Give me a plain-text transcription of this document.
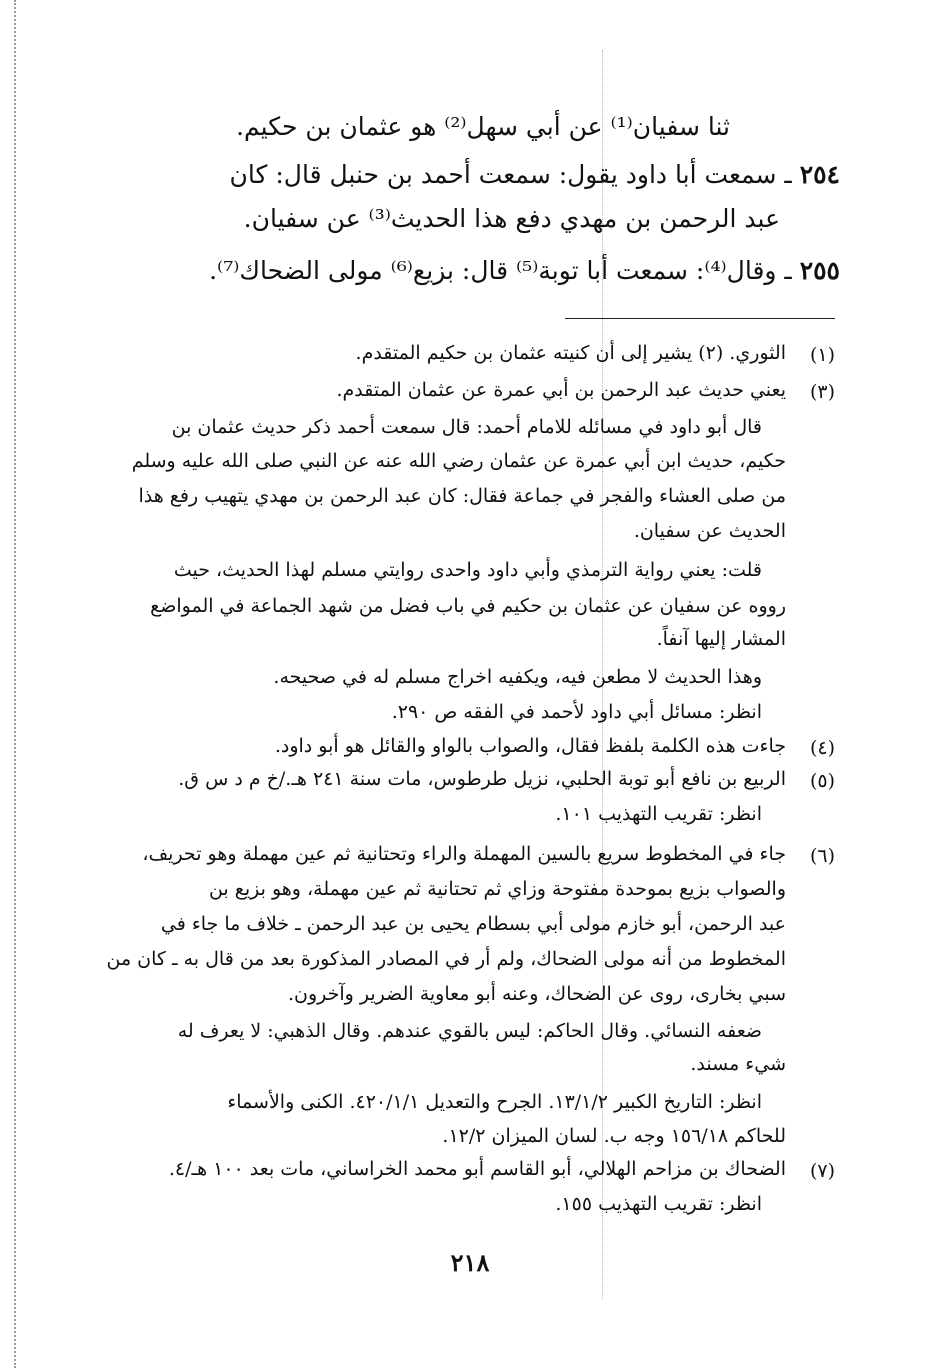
ثنا سفيان⁽¹⁾ عن أبي سهل⁽²⁾ هو عثمان بن حكيم.
٢٥٤ ـ سمعت أبا داود يقول: سمعت أحمد بن حنبل قال: كان
عبد الرحمن بن مهدي دفع هذا الحديث⁽³⁾ عن سفيان.
٢٥٥ ـ وقال⁽⁴⁾: سمعت أبا توبة⁽⁵⁾ قال: بزيع⁽⁶⁾ مولى الضحاك⁽⁷⁾.
(١)
الثوري. (٢) يشير إلى أن كنيته عثمان بن حكيم المتقدم.
(٣)
يعني حديث عبد الرحمن بن أبي عمرة عن عثمان المتقدم.
قال أبو داود في مسائله للامام أحمد: قال سمعت أحمد ذكر حديث عثمان بن
حكيم، حديث ابن أبي عمرة عن عثمان رضي الله عنه عن النبي صلى الله عليه وسلم
من صلى العشاء والفجر في جماعة فقال: كان عبد الرحمن بن مهدي يتهيب رفع هذا
الحديث عن سفيان.
قلت: يعني رواية الترمذي وأبي داود واحدى روايتي مسلم لهذا الحديث، حيث
رووه عن سفيان عن عثمان بن حكيم في باب فضل من شهد الجماعة في المواضع
المشار إليها آنفاً.
وهذا الحديث لا مطعن فيه، ويكفيه اخراج مسلم له في صحيحه.
انظر: مسائل أبي داود لأحمد في الفقه ص ٢٩٠.
(٤)
جاءت هذه الكلمة بلفظ فقال، والصواب بالواو والقائل هو أبو داود.
(٥)
الربيع بن نافع أبو توبة الحلبي، نزيل طرطوس، مات سنة ٢٤١ هـ./خ م د س ق.
انظر: تقريب التهذيب ١٠١.
(٦)
جاء في المخطوط سريع بالسين المهملة والراء وتحتانية ثم عين مهملة وهو تحريف،
والصواب بزيع بموحدة مفتوحة وزاي ثم تحتانية ثم عين مهملة، وهو بزيع بن
عبد الرحمن، أبو خازم مولى أبي بسطام يحيى بن عبد الرحمن ـ خلاف ما جاء في
المخطوط من أنه مولى الضحاك، ولم أر في المصادر المذكورة بعد من قال به ـ كان من
سبي بخارى، روى عن الضحاك، وعنه أبو معاوية الضرير وآخرون.
ضعفه النسائي. وقال الحاكم: ليس بالقوي عندهم. وقال الذهبي: لا يعرف له
شيء مسند.
انظر: التاريخ الكبير ١٣/١/٢. الجرح والتعديل ٤٢٠/١/١. الكنى والأسماء
للحاكم ١٥٦/١٨ وجه ب. لسان الميزان ١٢/٢.
(٧)
الضحاك بن مزاحم الهلالي، أبو القاسم أبو محمد الخراساني، مات بعد ١٠٠ هـ/٤.
انظر: تقريب التهذيب ١٥٥.
٢١٨
